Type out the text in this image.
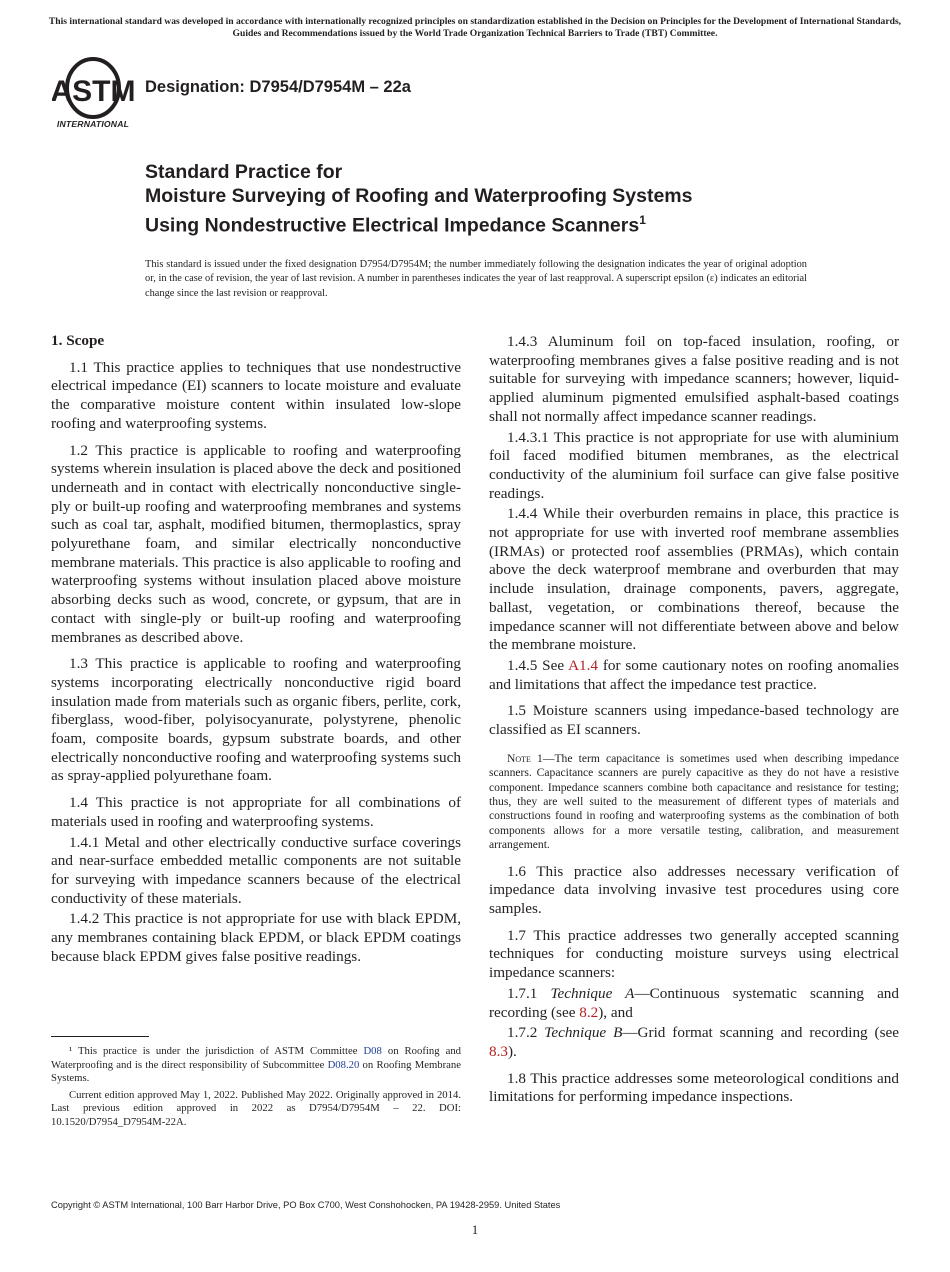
This international standard was developed in accordance with internationally recognized principles on standardization established in the Decision on Principles for the Development of International Standards, Guides and Recommendations issued by the World Trade Organization Technical Barriers to Trade (TBT) Committee.
ASTM
INTERNATIONAL
Designation: D7954/D7954M – 22a
Standard Practice for
Moisture Surveying of Roofing and Waterproofing Systems
Using Nondestructive Electrical Impedance Scanners$^1$
This standard is issued under the fixed designation D7954/D7954M; the number immediately following the designation indicates the year of original adoption or, in the case of revision, the year of last revision. A number in parentheses indicates the year of last reapproval. A superscript epsilon (ε) indicates an editorial change since the last revision or reapproval.
1. Scope

1.1 This practice applies to techniques that use nondestructive electrical impedance (EI) scanners to locate moisture and evaluate the comparative moisture content within insulated low-slope roofing and waterproofing systems.

1.2 This practice is applicable to roofing and waterproofing systems wherein insulation is placed above the deck and positioned underneath and in contact with electrically nonconductive single-ply or built-up roofing and waterproofing membranes and systems such as coal tar, asphalt, modified bitumen, thermoplastics, spray polyurethane foam, and similar electrically nonconductive membrane materials. This practice is also applicable to roofing and waterproofing systems without insulation placed above moisture absorbing decks such as wood, concrete, or gypsum, that are in contact with single-ply or built-up roofing and waterproofing membranes as described above.

1.3 This practice is applicable to roofing and waterproofing systems incorporating electrically nonconductive rigid board insulation made from materials such as organic fibers, perlite, cork, fiberglass, wood-fiber, polyisocyanurate, polystyrene, phenolic foam, composite boards, gypsum substrate boards, and other electrically nonconductive roofing and waterproofing systems such as spray-applied polyurethane foam.

1.4 This practice is not appropriate for all combinations of materials used in roofing and waterproofing systems.

1.4.1 Metal and other electrically conductive surface coverings and near-surface embedded metallic components are not suitable for surveying with impedance scanners because of the electrical conductivity of these materials.

1.4.2 This practice is not appropriate for use with black EPDM, any membranes containing black EPDM, or black EPDM coatings because black EPDM gives false positive readings.

¹ This practice is under the jurisdiction of ASTM Committee D08 on Roofing and Waterproofing and is the direct responsibility of Subcommittee D08.20 on Roofing Membrane Systems.

Current edition approved May 1, 2022. Published May 2022. Originally approved in 2014. Last previous edition approved in 2022 as D7954/D7954M – 22. DOI: 10.1520/D7954_D7954M-22A.

1.4.3 Aluminum foil on top-faced insulation, roofing, or waterproofing membranes gives a false positive reading and is not suitable for surveying with impedance scanners; however, liquid-applied aluminum pigmented emulsified asphalt-based coatings shall not normally affect impedance scanner readings.

1.4.3.1 This practice is not appropriate for use with aluminium foil faced modified bitumen membranes, as the electrical conductivity of the aluminium foil surface can give false positive readings.

1.4.4 While their overburden remains in place, this practice is not appropriate for use with inverted roof membrane assemblies (IRMAs) or protected roof assemblies (PRMAs), which contain above the deck waterproof membrane and overburden that may include insulation, drainage components, pavers, aggregate, ballast, vegetation, or combinations thereof, because the impedance scanner will not differentiate between above and below the membrane moisture.

1.4.5 See A1.4 for some cautionary notes on roofing anomalies and limitations that affect the impedance test practice.

1.5 Moisture scanners using impedance-based technology are classified as EI scanners.

Note 1—The term capacitance is sometimes used when describing impedance scanners. Capacitance scanners are purely capacitive as they do not have a resistive component. Impedance scanners combine both capacitance and resistance for testing; thus, they are well suited to the measurement of different types of materials and constructions found in roofing and waterproofing systems as the combination of both components allows for a more versatile testing, calibration, and measurement arrangement.

1.6 This practice also addresses necessary verification of impedance data involving invasive test procedures using core samples.

1.7 This practice addresses two generally accepted scanning techniques for conducting moisture surveys using electrical impedance scanners:

1.7.1 Technique A—Continuous systematic scanning and recording (see 8.2), and

1.7.2 Technique B—Grid format scanning and recording (see 8.3).

1.8 This practice addresses some meteorological conditions and limitations for performing impedance inspections.

Copyright © ASTM International, 100 Barr Harbor Drive, PO Box C700, West Conshohocken, PA 19428-2959. United States
1
